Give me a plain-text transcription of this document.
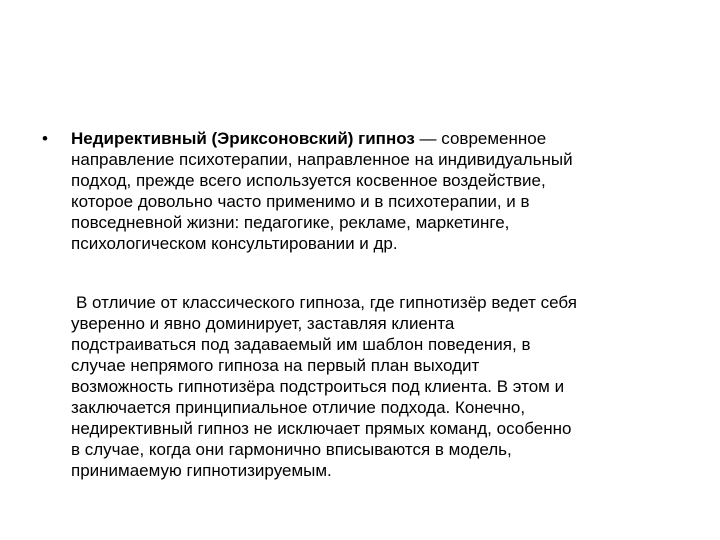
• Недирективный (Эриксоновский) гипноз — современное
направление психотерапии, направленное на индивидуальный
подход, прежде всего используется косвенное воздействие,
которое довольно часто применимо и в психотерапии, и в
повседневной жизни: педагогике, рекламе, маркетинге,
психологическом консультировании и др.
В отличие от классического гипноза, где гипнотизёр ведет себя
уверенно и явно доминирует, заставляя клиента
подстраиваться под задаваемый им шаблон поведения, в
случае непрямого гипноза на первый план выходит
возможность гипнотизёра подстроиться под клиента. В этом и
заключается принципиальное отличие подхода. Конечно,
недирективный гипноз не исключает прямых команд, особенно
в случае, когда они гармонично вписываются в модель,
принимаемую гипнотизируемым.
